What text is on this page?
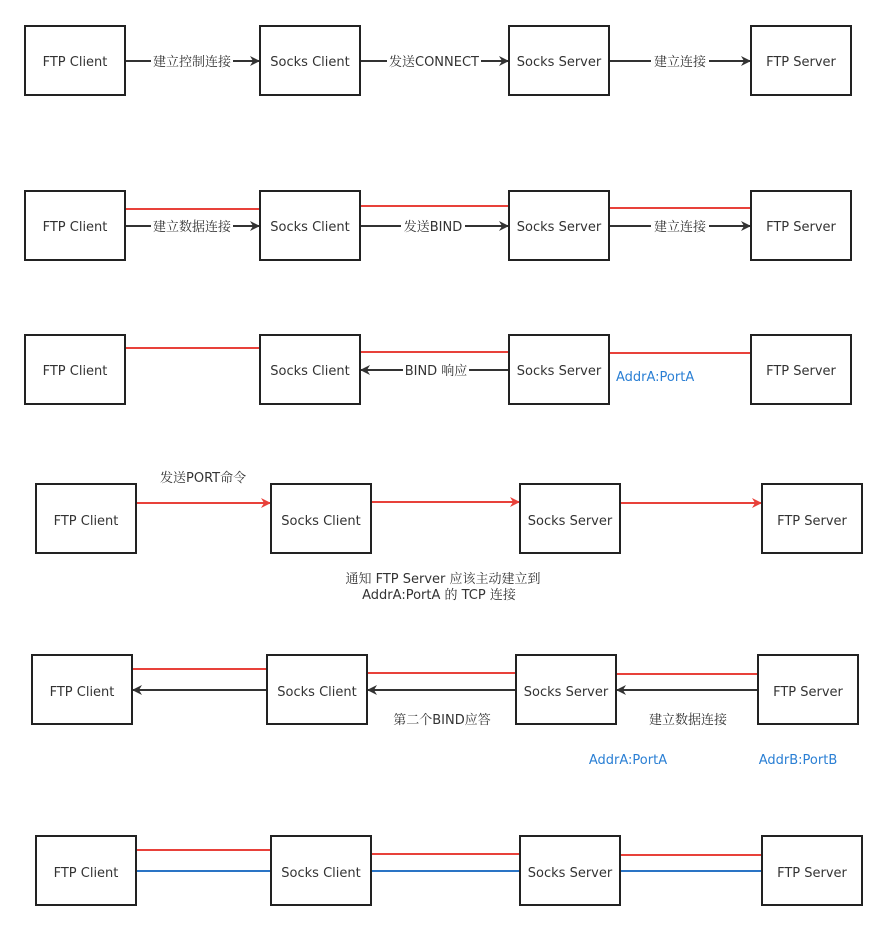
建立控制连接	发送CONNECT	建立连接
FTP Client	Socks Client	Socks Server	FTP Server
建立数据连接	发送BIND	建立连接
FTP Client	Socks Client	Socks Server	FTP Server
BIND 响应	AddrA:PortA
FTP Client	Socks Client	Socks Server	FTP Server
发送PORT命令
通知 FTP Server 应该主动建立到
AddrA:PortA 的 TCP 连接
FTP Client	Socks Client	Socks Server	FTP Server
第二个BIND应答	建立数据连接
AddrA:PortA	AddrB:PortB
FTP Client	Socks Client	Socks Server	FTP Server
FTP Client	Socks Client	Socks Server	FTP Server
